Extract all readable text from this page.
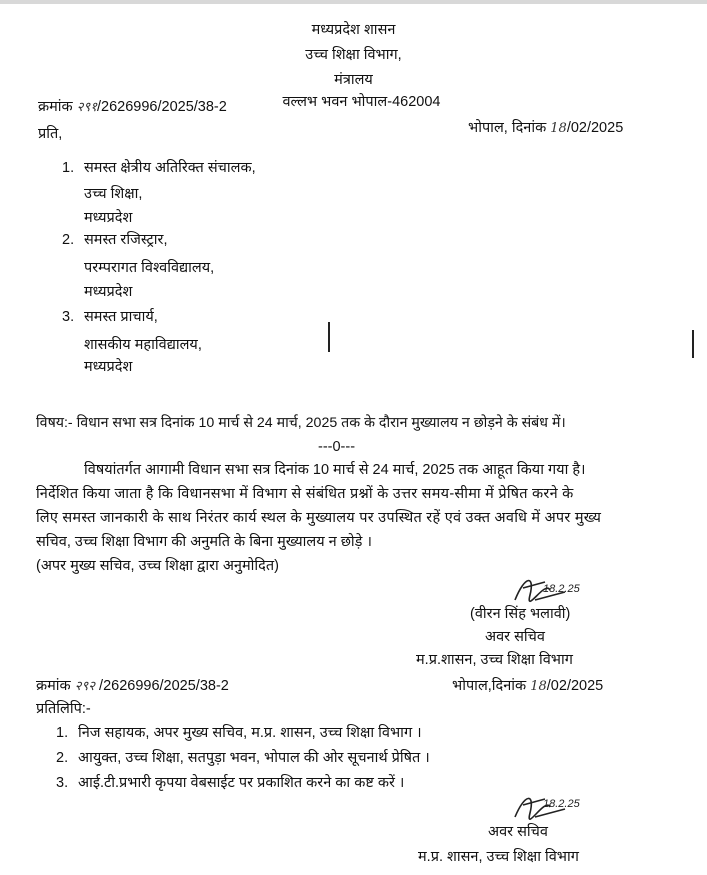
मध्यप्रदेश शासन
उच्च शिक्षा विभाग,
मंत्रालय
वल्लभ भवन भोपाल-462004
क्रमांक २९१/2626996/2025/38-2
भोपाल, दिनांक 18/02/2025
प्रति,
1. समस्त क्षेत्रीय अतिरिक्त संचालक,
उच्च शिक्षा,
मध्यप्रदेश
2. समस्त रजिस्ट्रार,
परम्परागत विश्वविद्यालय,
मध्यप्रदेश
3. समस्त प्राचार्य,
शासकीय महाविद्यालय,
मध्यप्रदेश
विषय:- विधान सभा सत्र दिनांक 10 मार्च से 24 मार्च, 2025 तक के दौरान मुख्यालय न छोड़ने के संबंध में।
---0---
विषयांतर्गत आगामी विधान सभा सत्र दिनांक 10 मार्च से 24 मार्च, 2025 तक आहूत किया गया है।
निर्देशित किया जाता है कि विधानसभा में विभाग से संबंधित प्रश्नों के उत्तर समय-सीमा में प्रेषित करने के
लिए समस्त जानकारी के साथ निरंतर कार्य स्थल के मुख्यालय पर उपस्थित रहें एवं उक्त अवधि में अपर मुख्य
सचिव, उच्च शिक्षा विभाग की अनुमति के बिना मुख्यालय न छोड़े ।
(अपर मुख्य सचिव, उच्च शिक्षा द्वारा अनुमोदित)
18.2.25
(वीरन सिंह भलावी)
अवर सचिव
म.प्र.शासन, उच्च शिक्षा विभाग
क्रमांक २९२ /2626996/2025/38-2	भोपाल,दिनांक 18/02/2025
प्रतिलिपि:-
1. निज सहायक, अपर मुख्य सचिव, म.प्र. शासन, उच्च शिक्षा विभाग ।
2. आयुक्त, उच्च शिक्षा, सतपुड़ा भवन, भोपाल की ओर सूचनार्थ प्रेषित ।
3. आई.टी.प्रभारी कृपया वेबसाईट पर प्रकाशित करने का कष्ट करें ।
18.2.25
अवर सचिव
म.प्र. शासन, उच्च शिक्षा विभाग
